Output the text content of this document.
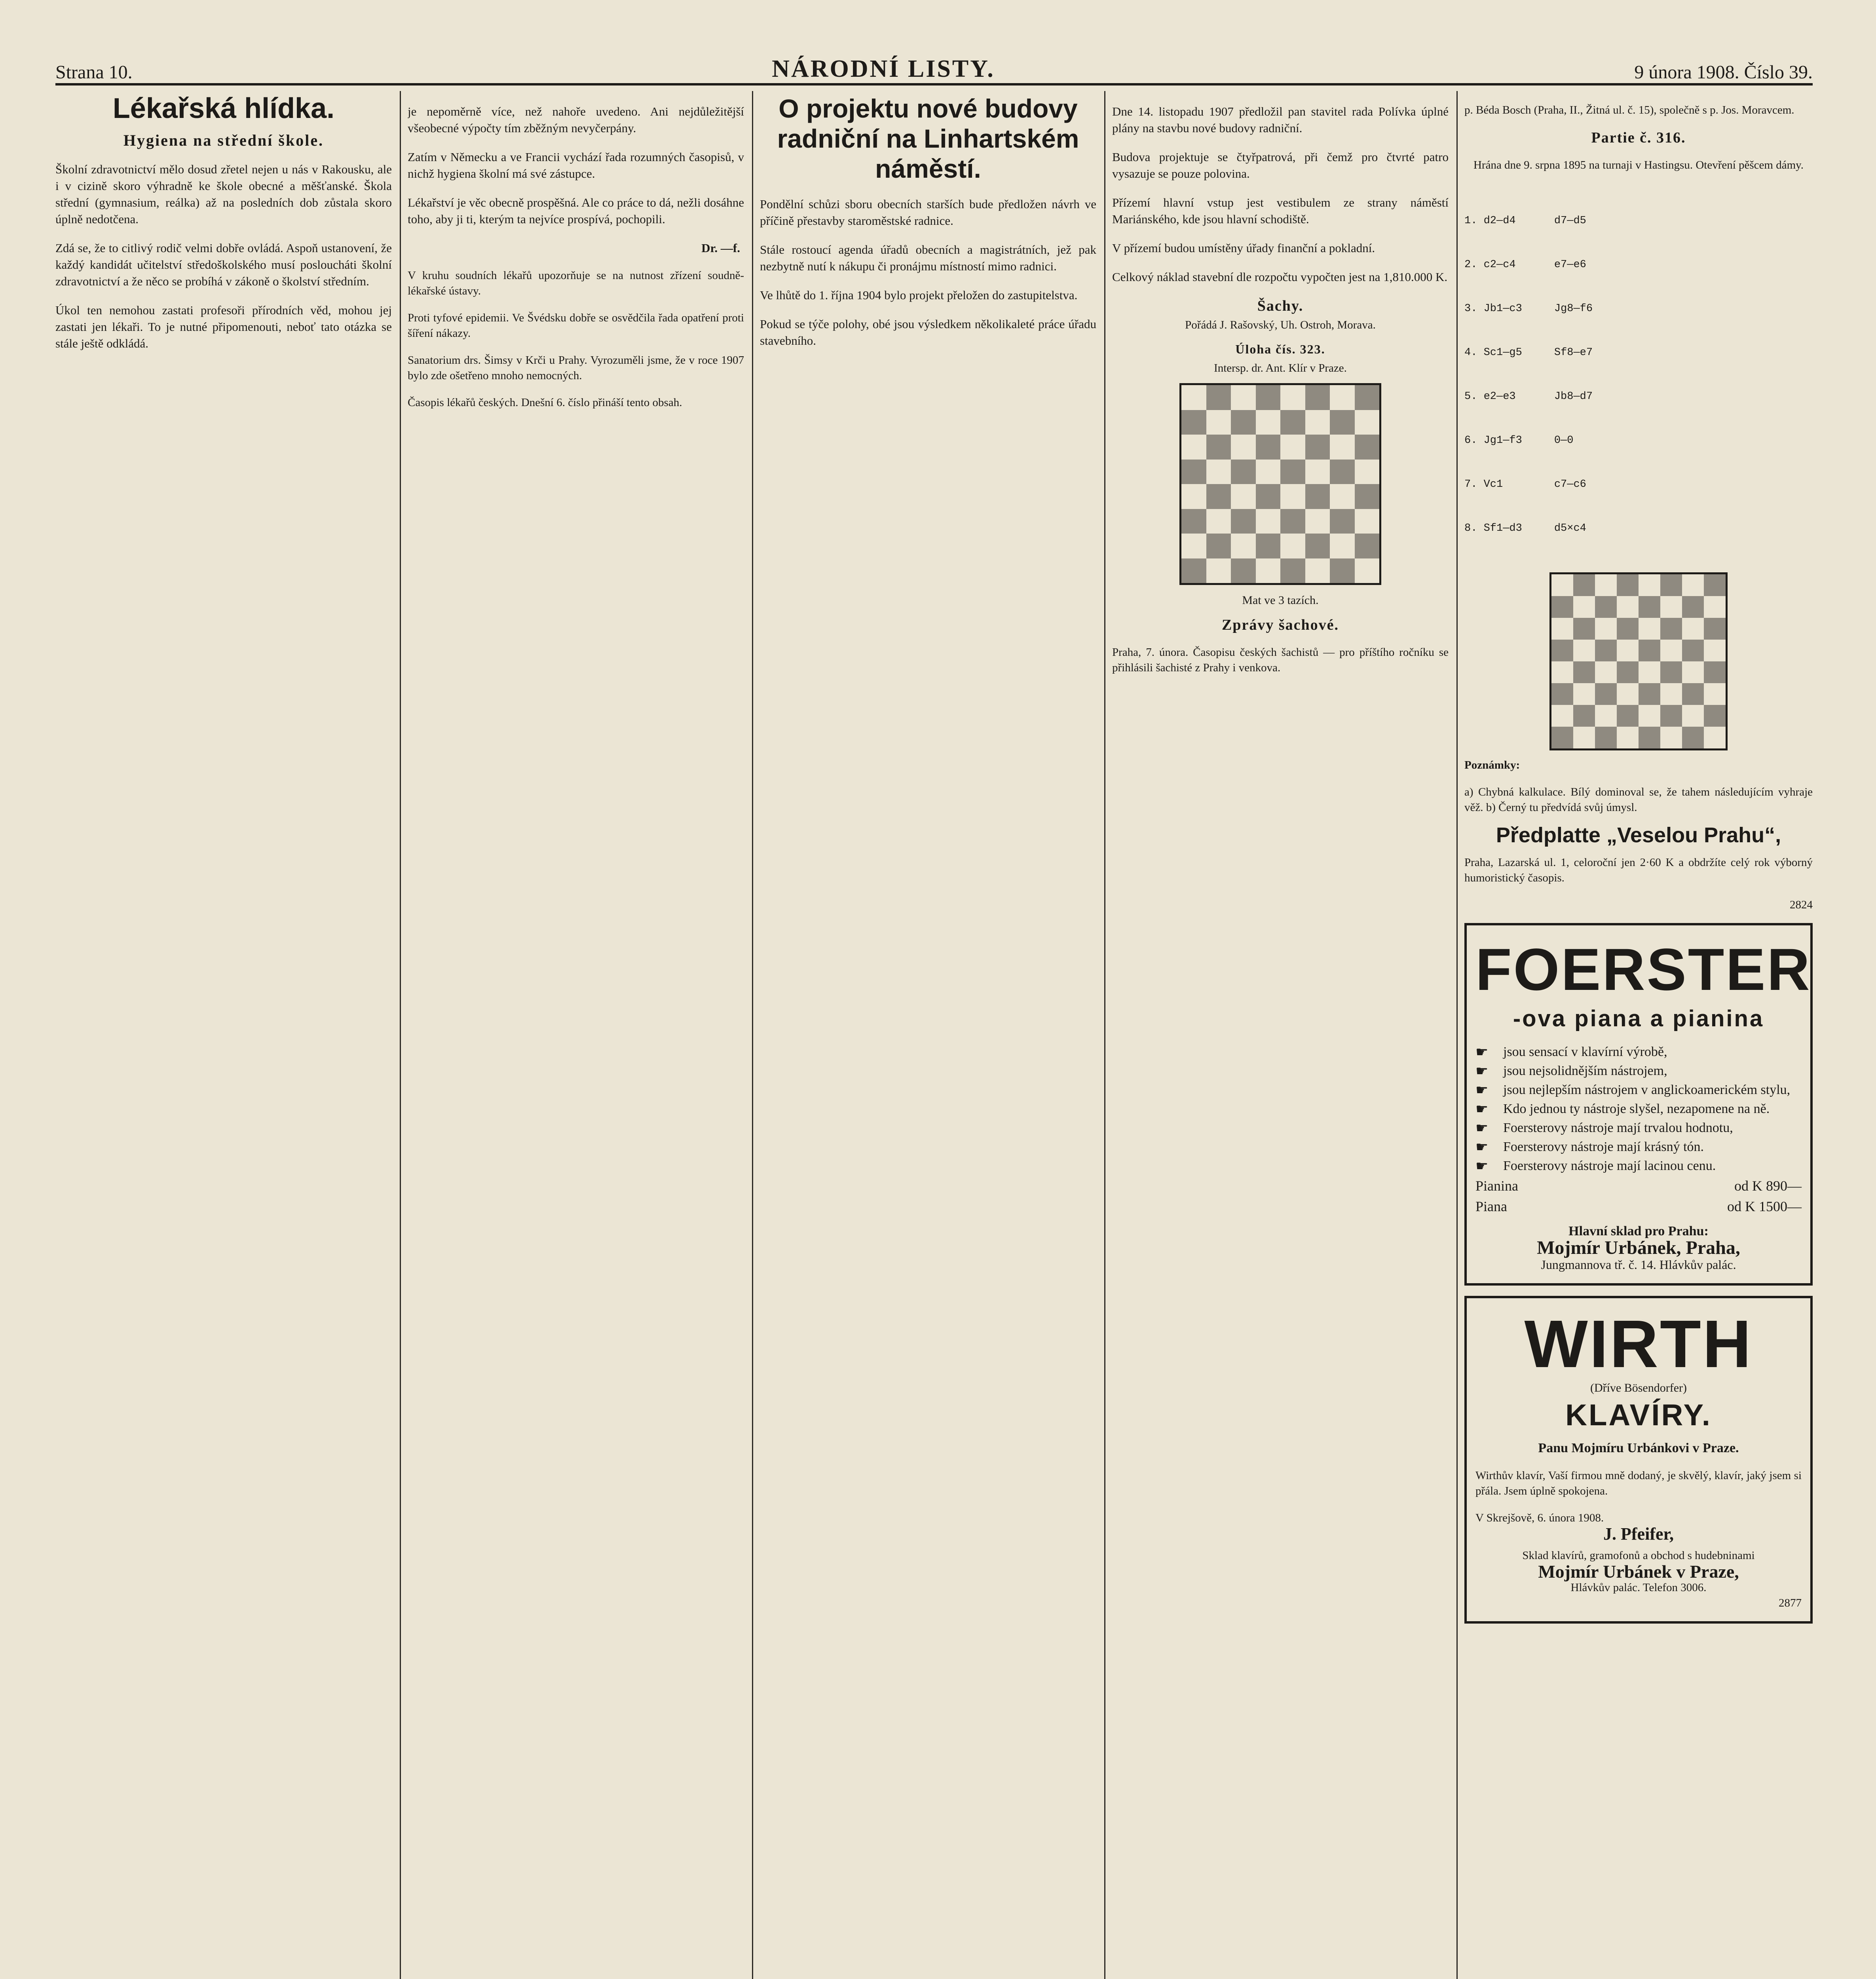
Strana 10.	NÁRODNÍ LISTY.	9 února 1908. Číslo 39.
Lékařská hlídka.
Hygiena na střední škole.

Školní zdravotnictví mělo dosud zřetel nejen u nás v Rakousku, ale i v cizině skoro výhradně ke škole obecné a měšťanské. Škola střední (gymnasium, reálka) až na posledních dob zůstala skoro úplně nedotčena.

Zdá se, že to citlivý rodič velmi dobře ovládá. Aspoň ustanovení, že každý kandidát učitelství středoškolského musí posloucháti školní zdravotnictví a že něco se probíhá v zákoně o školství středním.

Úkol ten nemohou zastati profesoři přírodních věd, mohou jej zastati jen lékaři. To je nutné připomenouti, neboť tato otázka se stále ještě odkládá.

je nepoměrně více, než nahoře uvedeno. Ani nejdůležitější všeobecné výpočty tím zběžným nevyčerpány.

Zatím v Německu a ve Francii vychází řada rozumných časopisů, v nichž hygiena školní má své zástupce.

Lékařství je věc obecně prospěšná. Ale co práce to dá, nežli dosáhne toho, aby ji ti, kterým ta nejvíce prospívá, pochopili.

Dr. —f.

V kruhu soudních lékařů upozorňuje se na nutnost zřízení soudně-lékařské ústavy.

Proti tyfové epidemii. Ve Švédsku dobře se osvědčila řada opatření proti šíření nákazy.

Sanatorium drs. Šimsy v Krči u Prahy. Vyrozuměli jsme, že v roce 1907 bylo zde ošetřeno mnoho nemocných.

Časopis lékařů českých. Dnešní 6. číslo přináší tento obsah.

O projektu nové budovy radniční na Linhartském náměstí.

Pondělní schůzi sboru obecních starších bude předložen návrh ve příčině přestavby staroměstské radnice.

Stále rostoucí agenda úřadů obecních a magistrátních, jež pak nezbytně nutí k nákupu či pronájmu místností mimo radnici.

Ve lhůtě do 1. října 1904 bylo projekt přeložen do zastupitelstva.

Pokud se týče polohy, obé jsou výsledkem několikaleté práce úřadu stavebního.

Dne 14. listopadu 1907 předložil pan stavitel rada Polívka úplné plány na stavbu nové budovy radniční.

Budova projektuje se čtyřpatrová, při čemž pro čtvrté patro vysazuje se pouze polovina.

Přízemí hlavní vstup jest vestibulem ze strany náměstí Mariánského, kde jsou hlavní schodiště.

V přízemí budou umístěny úřady finanční a pokladní.

Celkový náklad stavební dle rozpočtu vypočten jest na 1,810.000 K.

Šachy.
Pořádá J. Rašovský, Uh. Ostroh, Morava.
Úloha čís. 323.
Intersp. dr. Ant. Klír v Praze.
Mat ve 3 tazích.
Zprávy šachové.

Praha, 7. února. Časopisu českých šachistů — pro příštího ročníku se přihlásili šachisté z Prahy i venkova.

p. Béda Bosch (Praha, II., Žitná ul. č. 15), společně s p. Jos. Moravcem.

Partie č. 316.

Hrána dne 9. srpna 1895 na turnaji v Hastingsu. Otevření pěšcem dámy.

1. d2—d4      d7—d5

2. c2—c4      e7—e6

3. Jb1—c3     Jg8—f6

4. Sc1—g5     Sf8—e7

5. e2—e3      Jb8—d7

6. Jg1—f3     0—0

7. Vc1        c7—c6

8. Sf1—d3     d5×c4

Poznámky:

a) Chybná kalkulace. Bílý dominoval se, že tahem následujícím vyhraje věž. b) Černý tu předvídá svůj úmysl.

Předplatte „Veselou Prahu“,

Praha, Lazarská ul. 1, celoroční jen 2·60 K a obdržíte celý rok výborný humoristický časopis.

2824
FOERSTER
-ova piana a pianina
☛	jsou sensací v klavírní výrobě,
☛	jsou nejsolidnějším nástrojem,
☛	jsou nejlepším nástrojem v anglickoamerickém stylu,
☛	Kdo jednou ty nástroje slyšel, nezapomene na ně.
☛	Foersterovy nástroje mají trvalou hodnotu,
☛	Foersterovy nástroje mají krásný tón.
☛	Foersterovy nástroje mají lacinou cenu.
Pianina	od K 890—
Piana	od K 1500—
Hlavní sklad pro Prahu:
Mojmír Urbánek, Praha,
Jungmannova tř. č. 14. Hlávkův palác.
WIRTH
(Dříve Bösendorfer)
KLAVÍRY.
Panu Mojmíru Urbánkovi v Praze.

Wirthův klavír, Vaší firmou mně dodaný, je skvělý, klavír, jaký jsem si přála. Jsem úplně spokojena.

V Skrejšově, 6. února 1908.
J. Pfeifer,
Sklad klavírů, gramofonů a obchod s hudebninami
Mojmír Urbánek v Praze,
Hlávkův palác. Telefon 3006.
2877
